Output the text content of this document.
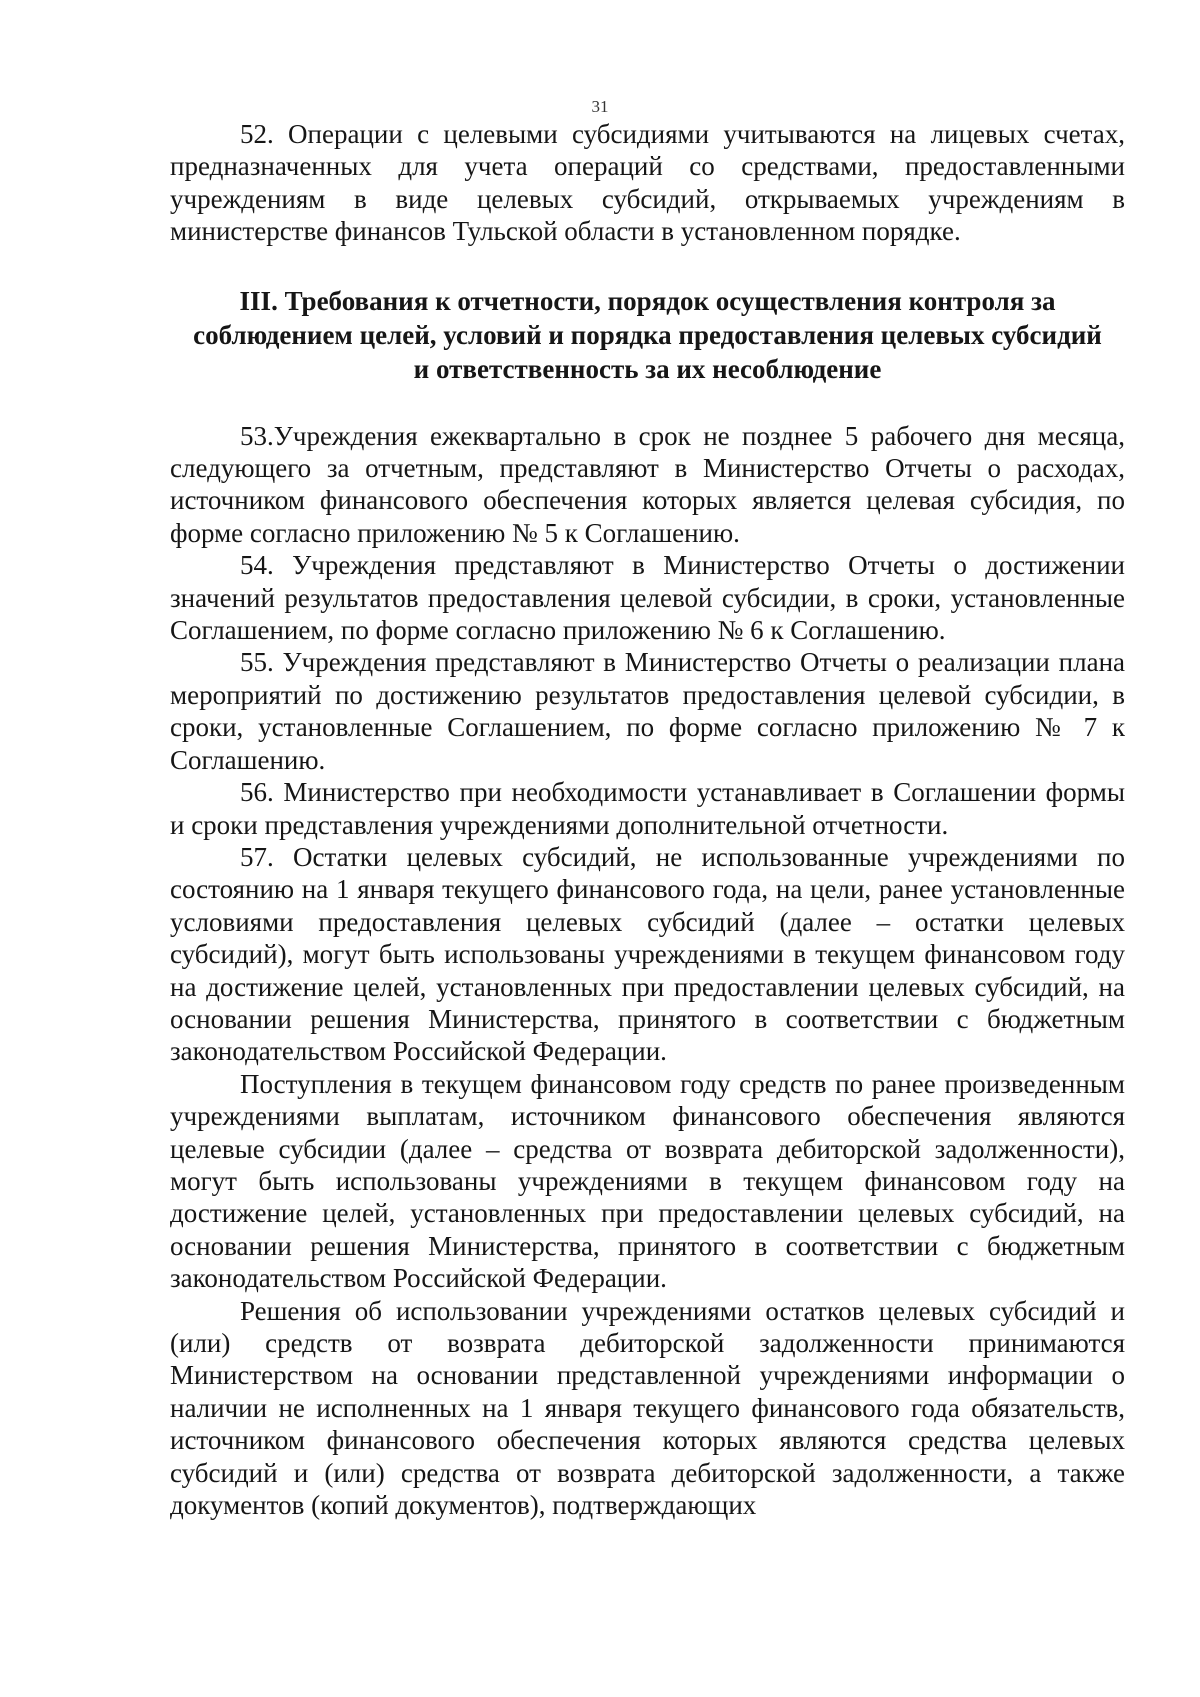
31

52. Операции с целевыми субсидиями учитываются на лицевых счетах, предназначенных для учета операций со средствами, предоставленными учреждениям в виде целевых субсидий, открываемых учреждениям в министерстве финансов Тульской области в установленном порядке.

III. Требования к отчетности, порядок осуществления контроля за соблюдением целей, условий и порядка предоставления целевых субсидий и ответственность за их несоблюдение

53.Учреждения ежеквартально в срок не позднее 5 рабочего дня месяца, следующего за отчетным, представляют в Министерство Отчеты о расходах, источником финансового обеспечения которых является целевая субсидия, по форме согласно приложению № 5 к Соглашению.

54. Учреждения представляют в Министерство Отчеты о достижении значений результатов предоставления целевой субсидии, в сроки, установленные Соглашением, по форме согласно приложению № 6 к Соглашению.

55. Учреждения представляют в Министерство Отчеты о реализации плана мероприятий по достижению результатов предоставления целевой субсидии, в сроки, установленные Соглашением, по форме согласно приложению № 7 к Соглашению.

56. Министерство при необходимости устанавливает в Соглашении формы и сроки представления учреждениями дополнительной отчетности.

57. Остатки целевых субсидий, не использованные учреждениями по состоянию на 1 января текущего финансового года, на цели, ранее установленные условиями предоставления целевых субсидий (далее – остатки целевых субсидий), могут быть использованы учреждениями в текущем финансовом году на достижение целей, установленных при предоставлении целевых субсидий, на основании решения Министерства, принятого в соответствии с бюджетным законодательством Российской Федерации.

Поступления в текущем финансовом году средств по ранее произведенным учреждениями выплатам, источником финансового обеспечения являются целевые субсидии (далее – средства от возврата дебиторской задолженности), могут быть использованы учреждениями в текущем финансовом году на достижение целей, установленных при предоставлении целевых субсидий, на основании решения Министерства, принятого в соответствии с бюджетным законодательством Российской Федерации.

Решения об использовании учреждениями остатков целевых субсидий и (или) средств от возврата дебиторской задолженности принимаются Министерством на основании представленной учреждениями информации о наличии не исполненных на 1 января текущего финансового года обязательств, источником финансового обеспечения которых являются средства целевых субсидий и (или) средства от возврата дебиторской задолженности, а также документов (копий документов), подтверждающих
